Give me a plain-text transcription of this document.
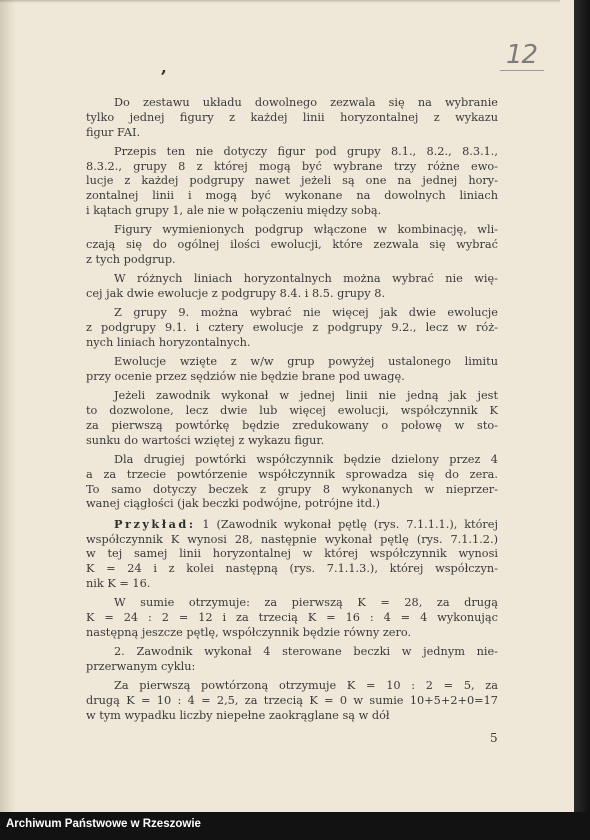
12
ʼ
Do zestawu układu dowolnego zezwala się na wybranie
tylko jednej figury z każdej linii horyzontalnej z wykazu
figur FAI.
Przepis ten nie dotyczy figur pod grupy 8.1., 8.2., 8.3.1.,
8.3.2., grupy 8 z której mogą być wybrane trzy różne ewo-
lucje z każdej podgrupy nawet jeżeli są one na jednej hory-
zontalnej linii i mogą być wykonane na dowolnych liniach
i kątach grupy 1, ale nie w połączeniu między sobą.
Figury wymienionych podgrup włączone w kombinację, wli-
czają się do ogólnej ilości ewolucji, które zezwala się wybrać
z tych podgrup.
W różnych liniach horyzontalnych można wybrać nie wię-
cej jak dwie ewolucje z podgrupy 8.4. i 8.5. grupy 8.
Z grupy 9. można wybrać nie więcej jak dwie ewolucje
z podgrupy 9.1. i cztery ewolucje z podgrupy 9.2., lecz w róż-
nych liniach horyzontalnych.
Ewolucje wzięte z w/w grup powyżej ustalonego limitu
przy ocenie przez sędziów nie będzie brane pod uwagę.
Jeżeli zawodnik wykonał w jednej linii nie jedną jak jest
to dozwolone, lecz dwie lub więcej ewolucji, współczynnik K
za pierwszą powtórkę będzie zredukowany o połowę w sto-
sunku do wartości wziętej z wykazu figur.
Dla drugiej powtórki współczynnik będzie dzielony przez 4
a za trzecie powtórzenie współczynnik sprowadza się do zera.
To samo dotyczy beczek z grupy 8 wykonanych w nieprzer-
wanej ciągłości (jak beczki podwójne, potrójne itd.)
Przykład: 1 (Zawodnik wykonał pętlę (rys. 7.1.1.1.), której
współczynnik K wynosi 28, następnie wykonał pętlę (rys. 7.1.1.2.)
w tej samej linii horyzontalnej w której współczynnik wynosi
K = 24 i z kolei następną (rys. 7.1.1.3.), której współczyn-
nik K = 16.
W sumie otrzymuje: za pierwszą K = 28, za drugą
K = 24 : 2 = 12 i za trzecią K = 16 : 4 = 4 wykonując
następną jeszcze pętlę, współczynnik będzie równy zero.
2. Zawodnik wykonał 4 sterowane beczki w jednym nie-
przerwanym cyklu:
Za pierwszą powtórzoną otrzymuje K = 10 : 2 = 5, za
drugą K = 10 : 4 = 2,5, za trzecią K = 0 w sumie 10+5+2+0=17
w tym wypadku liczby niepełne zaokrąglane są w dół
5
Archiwum Państwowe w Rzeszowie
